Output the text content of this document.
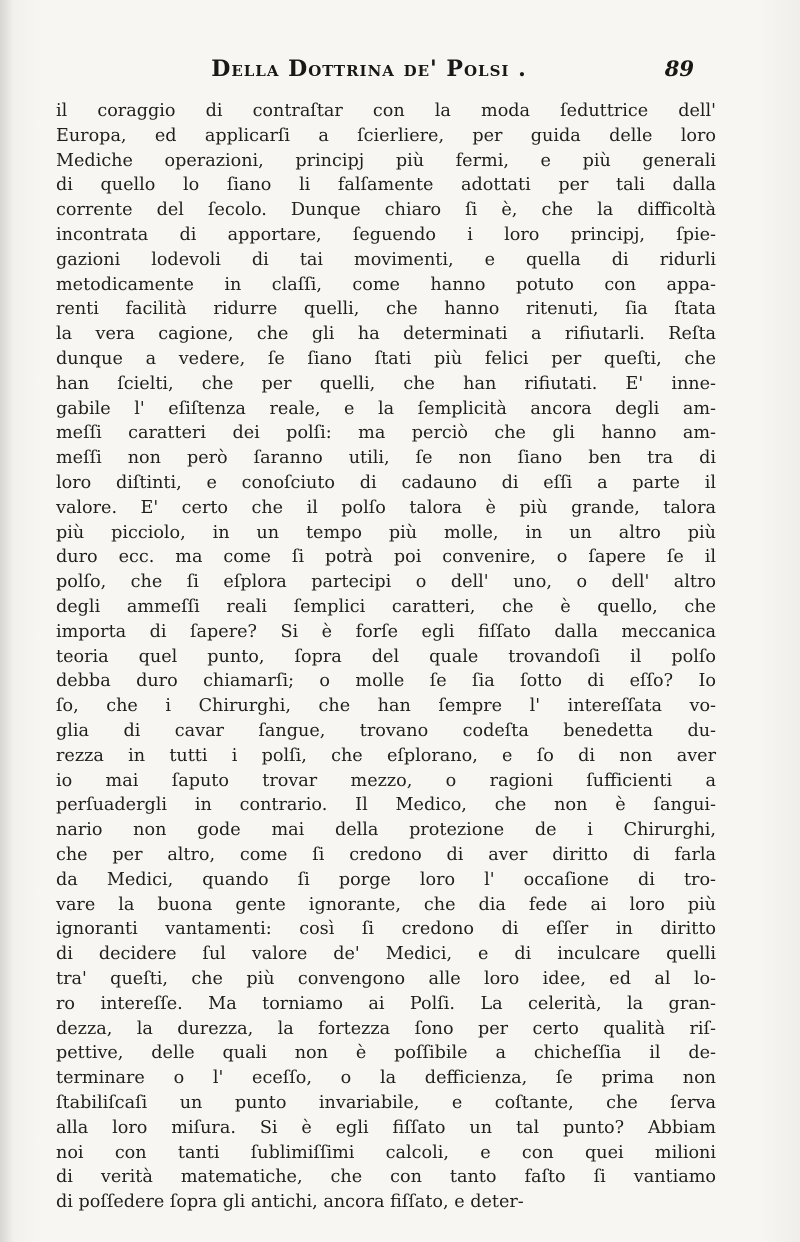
Della Dottrina de' Polsi .	89
il coraggio di contraſtar con la moda ſeduttrice dell'
Europa, ed applicarſi a ſcierliere, per guida delle loro
Mediche operazioni, principj più fermi, e più generali
di quello lo ſiano li falſamente adottati per tali dalla
corrente del ſecolo. Dunque chiaro ſi è, che la difficoltà
incontrata di apportare, ſeguendo i loro principj, ſpie-
gazioni lodevoli di tai movimenti, e quella di ridurli
metodicamente in claſſi, come hanno potuto con appa-
renti facilità ridurre quelli, che hanno ritenuti, ſia ſtata
la vera cagione, che gli ha determinati a rifiutarli. Reſta
dunque a vedere, ſe ſiano ſtati più felici per queſti, che
han ſcielti, che per quelli, che han rifiutati. E' inne-
gabile l' eſiſtenza reale, e la ſemplicità ancora degli am-
meſſi caratteri dei polſi: ma perciò che gli hanno am-
meſſi non però ſaranno utili, ſe non ſiano ben tra di
loro diſtinti, e conoſciuto di cadauno di eſſi a parte il
valore. E' certo che il polſo talora è più grande, talora
più picciolo, in un tempo più molle, in un altro più
duro ecc. ma come ſi potrà poi convenire, o ſapere ſe il
polſo, che ſi eſplora partecipi o dell' uno, o dell' altro
degli ammeſſi reali ſemplici caratteri, che è quello, che
importa di ſapere? Si è forſe egli fiſſato dalla meccanica
teoria quel punto, ſopra del quale trovandoſi il polſo
debba duro chiamarſi; o molle ſe ſia ſotto di eſſo? Io
ſo, che i Chirurghi, che han ſempre l' intereſſata vo-
glia di cavar ſangue, trovano codeſta benedetta du-
rezza in tutti i polſi, che eſplorano, e ſo di non aver
io mai ſaputo trovar mezzo, o ragioni ſufficienti a
perſuadergli in contrario. Il Medico, che non è ſangui-
nario non gode mai della protezione de i Chirurghi,
che per altro, come ſi credono di aver diritto di farla
da Medici, quando ſi porge loro l' occaſione di tro-
vare la buona gente ignorante, che dia fede ai loro più
ignoranti vantamenti: così ſi credono di eſſer in diritto
di decidere ſul valore de' Medici, e di inculcare quelli
tra' queſti, che più convengono alle loro idee, ed al lo-
ro intereſſe. Ma torniamo ai Polſi. La celerità, la gran-
dezza, la durezza, la fortezza ſono per certo qualità riſ-
pettive, delle quali non è poſſibile a chicheſſia il de-
terminare o l' eceſſo, o la defficienza, ſe prima non
ſtabiliſcaſi un punto invariabile, e coſtante, che ſerva
alla loro miſura. Si è egli fiſſato un tal punto? Abbiam
noi con tanti ſublimiſſimi calcoli, e con quei milioni
di verità matematiche, che con tanto faſto ſi vantiamo
di poſſedere ſopra gli antichi, ancora fiſſato, e deter-
